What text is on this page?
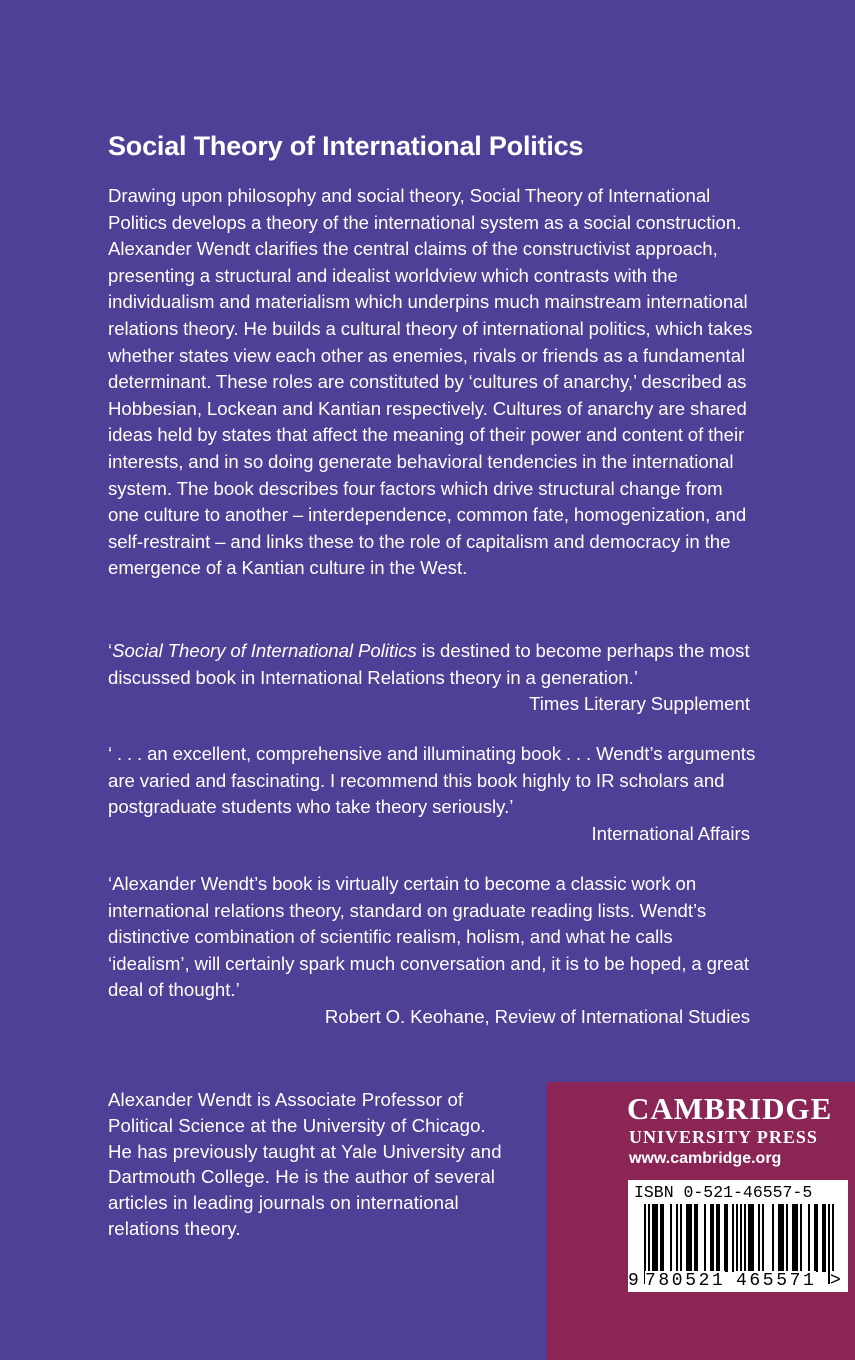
Social Theory of International Politics

Drawing upon philosophy and social theory, Social Theory of International Politics develops a theory of the international system as a social construction. Alexander Wendt clarifies the central claims of the constructivist approach, presenting a structural and idealist worldview which contrasts with the individualism and materialism which underpins much mainstream international relations theory. He builds a cultural theory of international politics, which takes whether states view each other as enemies, rivals or friends as a fundamental determinant. These roles are constituted by ‘cultures of anarchy,’ described as Hobbesian, Lockean and Kantian respectively. Cultures of anarchy are shared ideas held by states that affect the meaning of their power and content of their interests, and in so doing generate behavioral tendencies in the international system. The book describes four factors which drive structural change from one culture to another – interdependence, common fate, homogenization, and self-restraint – and links these to the role of capitalism and democracy in the emergence of a Kantian culture in the West.

‘Social Theory of International Politics is destined to become perhaps the most discussed book in International Relations theory in a generation.’

Times Literary Supplement

‘ . . . an excellent, comprehensive and illuminating book . . . Wendt’s arguments are varied and fascinating. I recommend this book highly to IR scholars and postgraduate students who take theory seriously.’

International Affairs

‘Alexander Wendt’s book is virtually certain to become a classic work on international relations theory, standard on graduate reading lists. Wendt’s distinctive combination of scientific realism, holism, and what he calls ‘idealism’, will certainly spark much conversation and, it is to be hoped, a great deal of thought.’

Robert O. Keohane, Review of International Studies

Alexander Wendt is Associate Professor of Political Science at the University of Chicago. He has previously taught at Yale University and Dartmouth College. He is the author of several articles in leading journals on international relations theory.

CAMBRIDGE

UNIVERSITY PRESS

www.cambridge.org

ISBN 0-521-46557-5

9 780521 465571 >
